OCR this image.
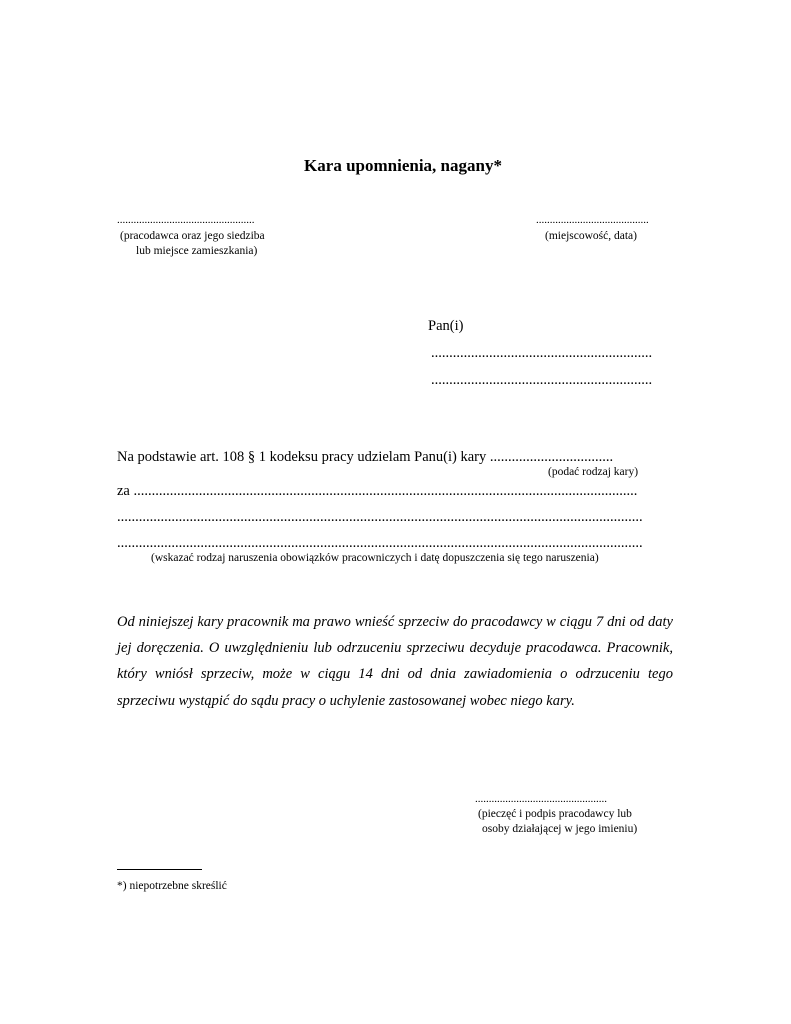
Kara upomnienia, nagany*
..................................................
(pracodawca oraz jego siedziba
lub miejsce zamieszkania)
.........................................
(miejscowość, data)
Pan(i)
.............................................................
.............................................................
Na podstawie art. 108 § 1 kodeksu pracy udzielam Panu(i) kary ..................................
(podać rodzaj kary)
za ...........................................................................................................................................
.................................................................................................................................................
.................................................................................................................................................
(wskazać rodzaj naruszenia obowiązków pracowniczych i datę dopuszczenia się tego naruszenia)
Od niniejszej kary pracownik ma prawo wnieść sprzeciw do pracodawcy w ciągu 7 dni od daty jej doręczenia. O uwzględnieniu lub odrzuceniu sprzeciwu decyduje pracodawca. Pracownik, który wniósł sprzeciw, może w ciągu 14 dni od dnia zawiadomienia o odrzuceniu tego sprzeciwu wystąpić do sądu pracy o uchylenie zastosowanej wobec niego kary.
................................................
(pieczęć i podpis pracodawcy lub
osoby działającej w jego imieniu)
*) niepotrzebne skreślić
